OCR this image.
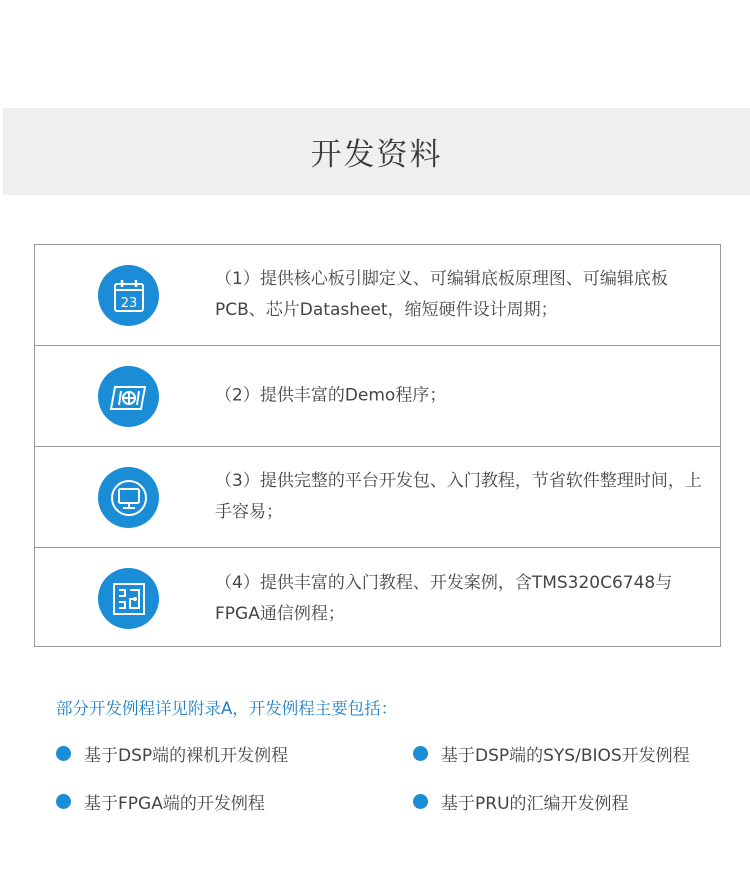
开发资料
23
（1）提供核心板引脚定义、可编辑底板原理图、可编辑底板PCB、芯片Datasheet，缩短硬件设计周期；
（2）提供丰富的Demo程序；
（3）提供完整的平台开发包、入门教程，节省软件整理时间，上手容易；
（4）提供丰富的入门教程、开发案例，含TMS320C6748与FPGA通信例程；
部分开发例程详见附录A，开发例程主要包括：
基于DSP端的裸机开发例程	基于DSP端的SYS/BIOS开发例程
基于FPGA端的开发例程	基于PRU的汇编开发例程
